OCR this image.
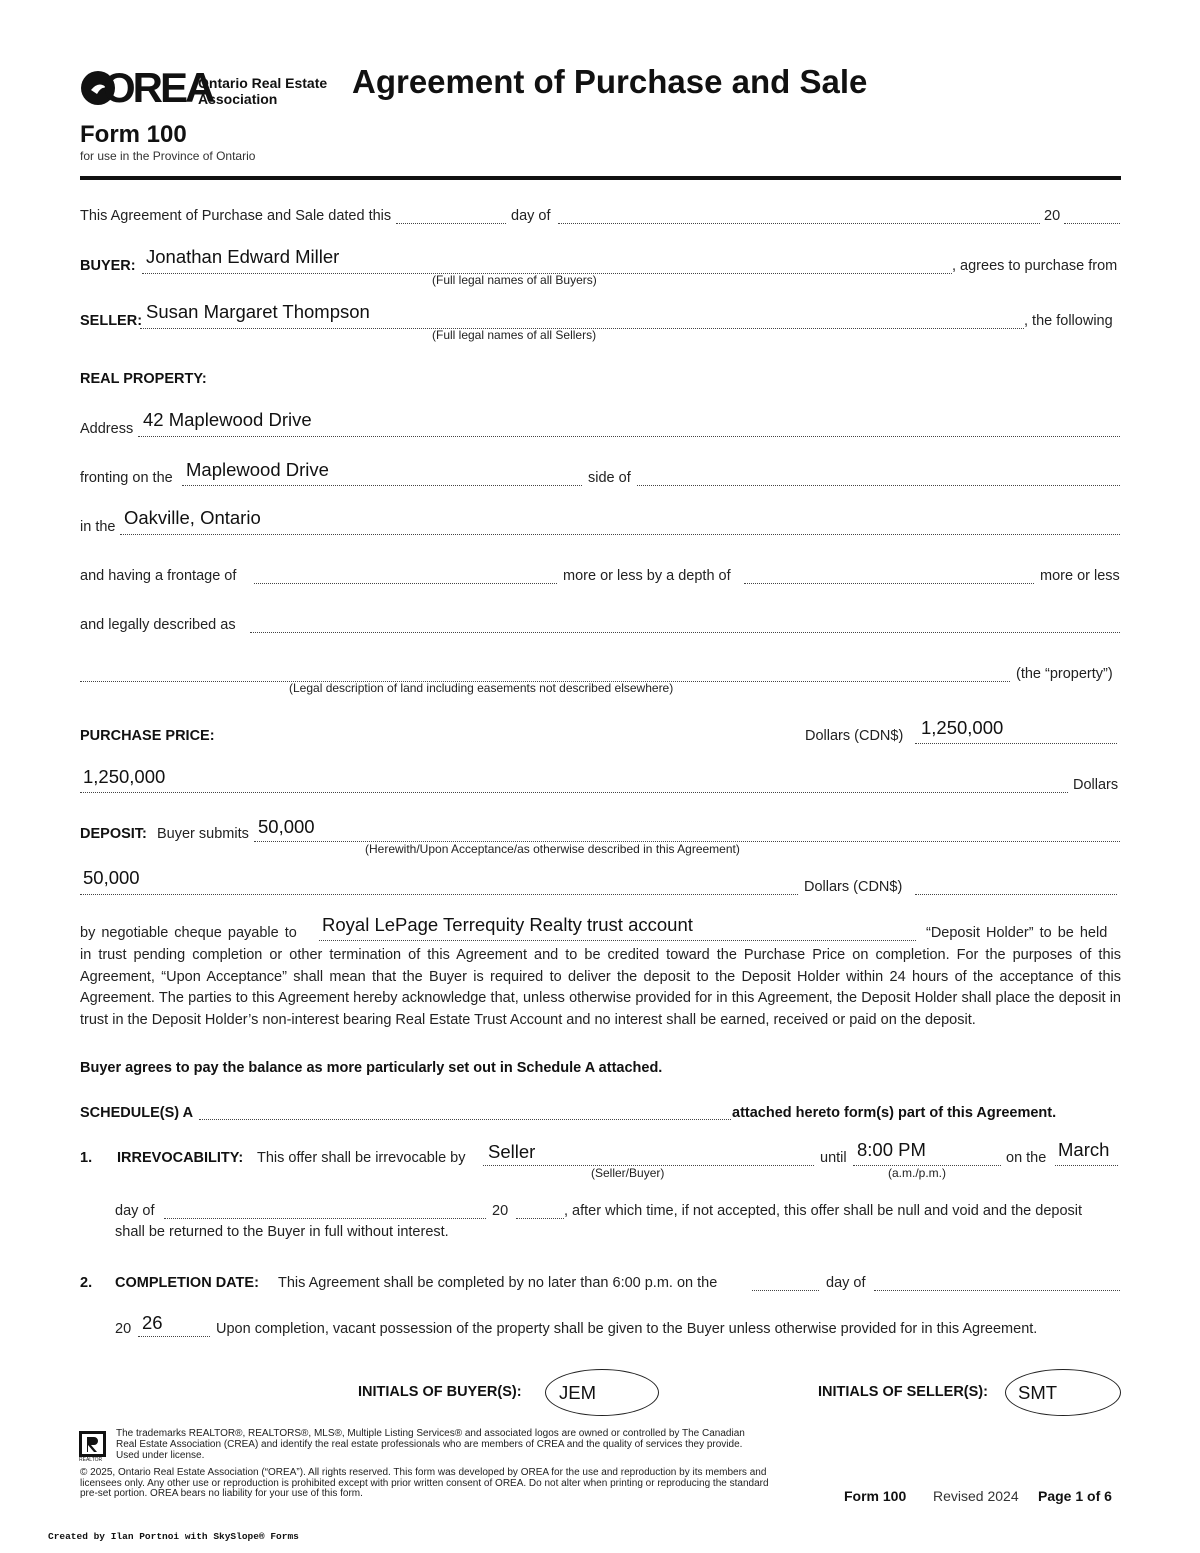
OREA
Ontario Real Estate
Association Agreement of Purchase and Sale
Form 100
for use in the Province of Ontario
This Agreement of Purchase and Sale dated this	day of	20
BUYER: Jonathan Edward Miller	, agrees to purchase from
(Full legal names of all Buyers)
SELLER: Susan Margaret Thompson	, the following
(Full legal names of all Sellers)
REAL PROPERTY:
Address 42 Maplewood Drive
fronting on the Maplewood Drive	side of
in the Oakville, Ontario
and having a frontage of	more or less by a depth of	more or less
and legally described as
(the “property”)
(Legal description of land including easements not described elsewhere)
PURCHASE PRICE:	Dollars (CDN$) 1,250,000
1,250,000	Dollars
DEPOSIT: Buyer submits 50,000
(Herewith/Upon Acceptance/as otherwise described in this Agreement)
50,000	Dollars (CDN$)
by negotiable cheque payable to Royal LePage Terrequity Realty trust account	“Deposit Holder” to be held
in trust pending completion or other termination of this Agreement and to be credited toward the Purchase Price on completion. For the purposes of this Agreement, “Upon Acceptance” shall mean that the Buyer is required to deliver the deposit to the Deposit Holder within 24 hours of the acceptance of this Agreement. The parties to this Agreement hereby acknowledge that, unless otherwise provided for in this Agreement, the Deposit Holder shall place the deposit in trust in the Deposit Holder’s non-interest bearing Real Estate Trust Account and no interest shall be earned, received or paid on the deposit.
Buyer agrees to pay the balance as more particularly set out in Schedule A attached.
SCHEDULE(S) A	attached hereto form(s) part of this Agreement.
1. IRREVOCABILITY: This offer shall be irrevocable by Seller
(Seller/Buyer)
until 8:00 PM
(a.m./p.m.)
on the March
day of	20	, after which time, if not accepted, this offer shall be null and void and the deposit
shall be returned to the Buyer in full without interest.
2. COMPLETION DATE: This Agreement shall be completed by no later than 6:00 p.m. on the	day of
20 26	Upon completion, vacant possession of the property shall be given to the Buyer unless otherwise provided for in this Agreement.
INITIALS OF BUYER(S): JEM	INITIALS OF SELLER(S): SMT
REALTOR
The trademarks REALTOR®, REALTORS®, MLS®, Multiple Listing Services® and associated logos are owned or controlled by The Canadian Real Estate Association (CREA) and identify the real estate professionals who are members of CREA and the quality of services they provide. Used under license.
© 2025, Ontario Real Estate Association (“OREA”). All rights reserved. This form was developed by OREA for the use and reproduction by its members and licensees only. Any other use or reproduction is prohibited except with prior written consent of OREA. Do not alter when printing or reproducing the standard pre-set portion. OREA bears no liability for your use of this form.	Form 100 Revised 2024 Page 1 of 6
Created by Ilan Portnoi with SkySlope® Forms
